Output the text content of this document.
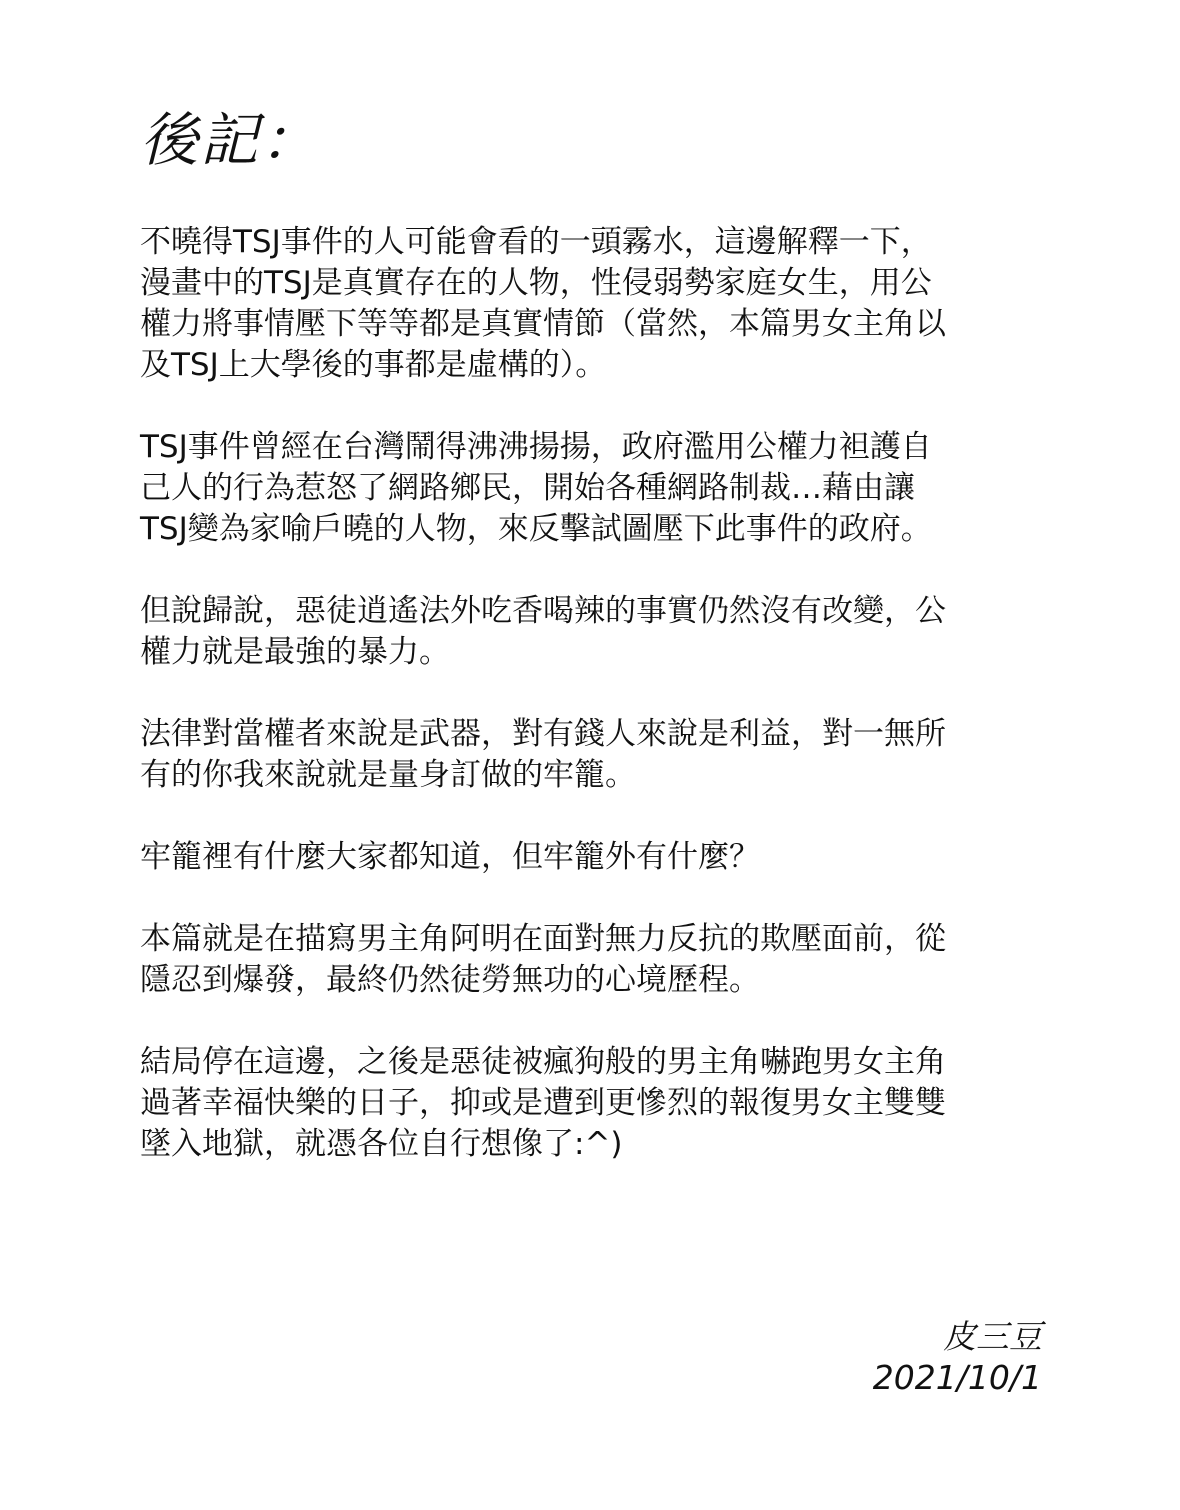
後記：

不曉得TSJ事件的人可能會看的一頭霧水，這邊解釋一下，
漫畫中的TSJ是真實存在的人物，性侵弱勢家庭女生，用公
權力將事情壓下等等都是真實情節（當然，本篇男女主角以
及TSJ上大學後的事都是虛構的）。

TSJ事件曾經在台灣鬧得沸沸揚揚，政府濫用公權力袒護自
己人的行為惹怒了網路鄉民，開始各種網路制裁…藉由讓
TSJ變為家喻戶曉的人物，來反擊試圖壓下此事件的政府。

但說歸說，惡徒逍遙法外吃香喝辣的事實仍然沒有改變，公
權力就是最強的暴力。

法律對當權者來說是武器，對有錢人來說是利益，對一無所
有的你我來說就是量身訂做的牢籠。

牢籠裡有什麼大家都知道，但牢籠外有什麼？

本篇就是在描寫男主角阿明在面對無力反抗的欺壓面前，從
隱忍到爆發，最終仍然徒勞無功的心境歷程。

結局停在這邊，之後是惡徒被瘋狗般的男主角嚇跑男女主角
過著幸福快樂的日子，抑或是遭到更慘烈的報復男女主雙雙
墜入地獄，就憑各位自行想像了:^)

皮三豆
2021/10/1
